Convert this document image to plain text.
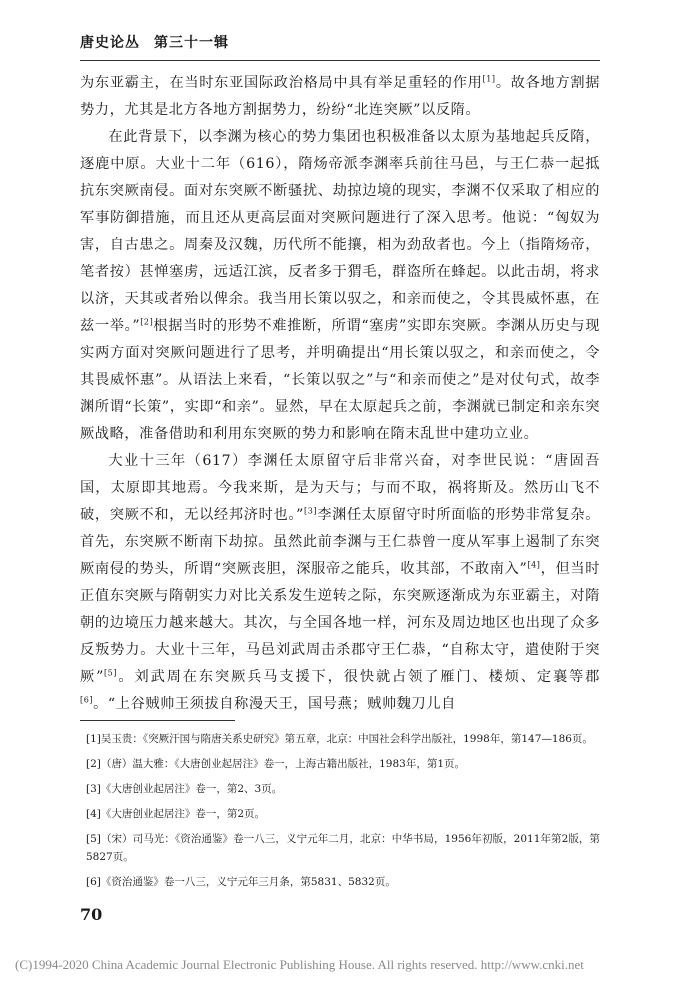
唐史论丛 第三十一辑

为东亚霸主，在当时东亚国际政治格局中具有举足重轻的作用[1]。故各地方割据势力，尤其是北方各地方割据势力，纷纷“北连突厥”以反隋。

在此背景下，以李渊为核心的势力集团也积极准备以太原为基地起兵反隋，逐鹿中原。大业十二年（616），隋炀帝派李渊率兵前往马邑，与王仁恭一起抵抗东突厥南侵。面对东突厥不断骚扰、劫掠边境的现实，李渊不仅采取了相应的军事防御措施，而且还从更高层面对突厥问题进行了深入思考。他说：“匈奴为害，自古患之。周秦及汉魏，历代所不能攘，相为劲敌者也。今上（指隋炀帝，笔者按）甚惮塞虏，远适江滨，反者多于猬毛，群盗所在蜂起。以此击胡，将求以济，天其或者殆以俾余。我当用长策以驭之，和亲而使之，令其畏威怀惠，在兹一举。”[2]根据当时的形势不难推断，所谓“塞虏”实即东突厥。李渊从历史与现实两方面对突厥问题进行了思考，并明确提出“用长策以驭之，和亲而使之，令其畏威怀惠”。从语法上来看，“长策以驭之”与“和亲而使之”是对仗句式，故李渊所谓“长策”，实即“和亲”。显然，早在太原起兵之前，李渊就已制定和亲东突厥战略，准备借助和利用东突厥的势力和影响在隋末乱世中建功立业。

大业十三年（617）李渊任太原留守后非常兴奋，对李世民说：“唐固吾国，太原即其地焉。今我来斯，是为天与；与而不取，祸将斯及。然历山飞不破，突厥不和，无以经邦济时也。”[3]李渊任太原留守时所面临的形势非常复杂。首先，东突厥不断南下劫掠。虽然此前李渊与王仁恭曾一度从军事上遏制了东突厥南侵的势头，所谓“突厥丧胆，深服帝之能兵，收其部，不敢南入”[4]，但当时正值东突厥与隋朝实力对比关系发生逆转之际，东突厥逐渐成为东亚霸主，对隋朝的边境压力越来越大。其次，与全国各地一样，河东及周边地区也出现了众多反叛势力。大业十三年，马邑刘武周击杀郡守王仁恭，“自称太守，遣使附于突厥”[5]。刘武周在东突厥兵马支援下，很快就占领了雁门、楼烦、定襄等郡[6]。“上谷贼帅王须拔自称漫天王，国号燕；贼帅魏刀儿自

[1]吴玉贵：《突厥汗国与隋唐关系史研究》第五章，北京：中国社会科学出版社，1998年，第147—186页。

[2]（唐）温大雅：《大唐创业起居注》卷一，上海古籍出版社，1983年，第1页。

[3]《大唐创业起居注》卷一，第2、3页。

[4]《大唐创业起居注》卷一，第2页。

[5]（宋）司马光：《资治通鉴》卷一八三，义宁元年二月，北京：中华书局，1956年初版，2011年第2版，第5827页。

[6]《资治通鉴》卷一八三，义宁元年三月条，第5831、5832页。

70
(C)1994-2020 China Academic Journal Electronic Publishing House. All rights reserved. http://www.cnki.net
